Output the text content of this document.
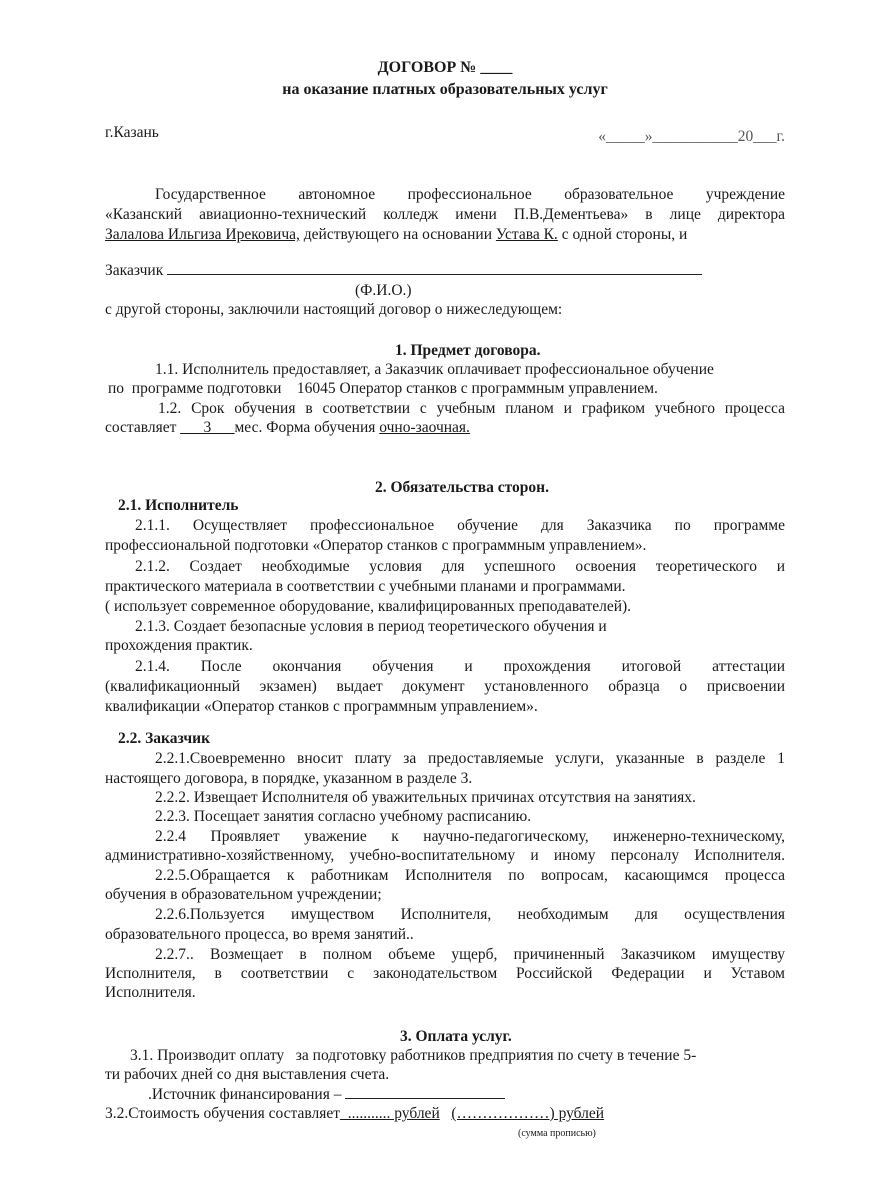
ДОГОВОР № ____
на оказание платных образовательных услуг
г.Казань	«_____»___________20___г.
Государственное автономное профессиональное образовательное учреждение
«Казанский авиационно-технический колледж имени П.В.Дементьева» в лице директора
Залалова Ильгиза Ирековича, действующего на основании Устава К. с одной стороны, и
Заказчик
(Ф.И.О.)
с другой стороны, заключили настоящий договор о нижеследующем:
1. Предмет договора.
1.1. Исполнитель предоставляет, а Заказчик оплачивает профессиональное обучение
по  программе подготовки    16045 Оператор станков с программным управлением.
1.2. Срок обучения в соответствии с учебным планом и графиком учебного процесса
составляет ___3___мес. Форма обучения очно-заочная.
2. Обязательства сторон.
2.1. Исполнитель
2.1.1. Осуществляет профессиональное обучение для Заказчика по программе
профессиональной подготовки «Оператор станков с программным управлением».
2.1.2. Создает необходимые условия для успешного освоения теоретического и
практического материала в соответствии с учебными планами и программами.
( использует современное оборудование, квалифицированных преподавателей).
2.1.3. Создает безопасные условия в период теоретического обучения и
прохождения практик.
2.1.4. После окончания обучения и прохождения итоговой аттестации
(квалификационный экзамен) выдает документ установленного образца о присвоении
квалификации «Оператор станков с программным управлением».
2.2. Заказчик
2.2.1.Своевременно вносит плату за предоставляемые услуги, указанные в разделе 1
настоящего договора, в порядке, указанном в разделе 3.
2.2.2. Извещает Исполнителя об уважительных причинах отсутствия на занятиях.
2.2.3. Посещает занятия согласно учебному расписанию.
2.2.4 Проявляет уважение к научно-педагогическому, инженерно-техническому,
административно-хозяйственному, учебно-воспитательному и иному персоналу Исполнителя.
2.2.5.Обращается к работникам Исполнителя по вопросам, касающимся процесса
обучения в образовательном учреждении;
2.2.6.Пользуется имуществом Исполнителя, необходимым для осуществления
образовательного процесса, во время занятий..
2.2.7.. Возмещает в полном объеме ущерб, причиненный Заказчиком имуществу
Исполнителя, в соответствии с законодательством Российской Федерации и Уставом
Исполнителя.
3. Оплата услуг.
3.1. Производит оплату   за подготовку работников предприятия по счету в течение 5-
ти рабочих дней со дня выставления счета.
.Источник финансирования –
3.2.Стоимость обучения составляет_........... рублей (………………) рублей
(сумма прописью)
